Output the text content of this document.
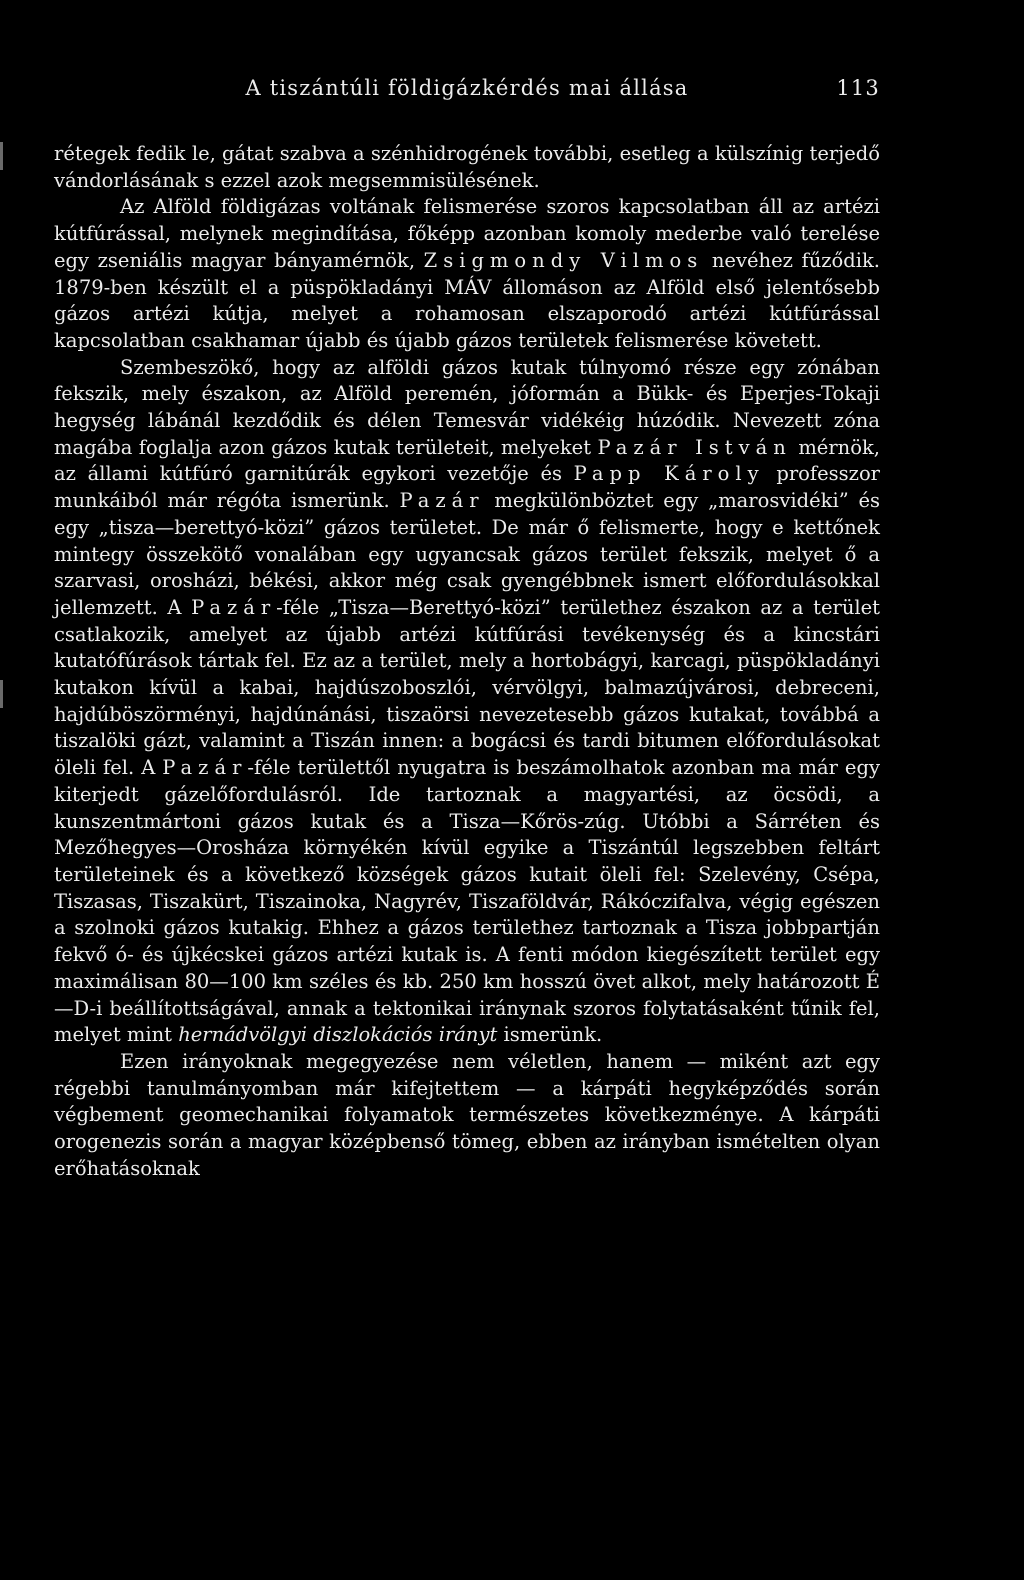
A tiszántúli földigázkérdés mai állása	113

rétegek fedik le, gátat szabva a szénhidrogének további, esetleg a külszínig terjedő vándorlásának s ezzel azok megsemmisülésének.

Az Alföld földigázas voltának felismerése szoros kapcsolatban áll az artézi kútfúrással, melynek megindítása, főképp azonban komoly mederbe való terelése egy zseniális magyar bányamérnök, Zsigmondy Vilmos nevéhez fűződik. 1879-ben készült el a püspökladányi MÁV állomáson az Alföld első jelentősebb gázos artézi kútja, melyet a rohamosan elszaporodó artézi kútfúrással kapcsolatban csakhamar újabb és újabb gázos területek felismerése követett.

Szembeszökő, hogy az alföldi gázos kutak túlnyomó része egy zónában fekszik, mely északon, az Alföld peremén, jóformán a Bükk- és Eperjes-Tokaji hegység lábánál kezdődik és délen Temesvár vidékéig húzódik. Nevezett zóna magába foglalja azon gázos kutak területeit, melyeket Pazár István mérnök, az állami kútfúró garnitúrák egykori vezetője és Papp Károly professzor munkáiból már régóta ismerünk. Pazár megkülönböztet egy „marosvidéki” és egy „tisza—berettyó-közi” gázos területet. De már ő felismerte, hogy e kettőnek mintegy összekötő vonalában egy ugyancsak gázos terület fekszik, melyet ő a szarvasi, orosházi, békési, akkor még csak gyengébbnek ismert előfordulásokkal jellemzett. A Pazár-féle „Tisza—Berettyó-közi” területhez északon az a terület csatlakozik, amelyet az újabb artézi kútfúrási tevékenység és a kincstári kutatófúrások tártak fel. Ez az a terület, mely a hortobágyi, karcagi, püspökladányi kutakon kívül a kabai, hajdúszoboszlói, vérvölgyi, balmazújvárosi, debreceni, hajdúböszörményi, hajdúnánási, tiszaörsi nevezetesebb gázos kutakat, továbbá a tiszalöki gázt, valamint a Tiszán innen: a bogácsi és tardi bitumen előfordulásokat öleli fel. A Pazár-féle területtől nyugatra is beszámolhatok azonban ma már egy kiterjedt gázelőfordulásról. Ide tartoznak a magyartési, az öcsödi, a kunszentmártoni gázos kutak és a Tisza—Kőrös-zúg. Utóbbi a Sárréten és Mezőhegyes—Orosháza környékén kívül egyike a Tiszántúl legszebben feltárt területeinek és a következő községek gázos kutait öleli fel: Szelevény, Csépa, Tiszasas, Tiszakürt, Tiszainoka, Nagyrév, Tiszaföldvár, Rákóczifalva, végig egészen a szolnoki gázos kutakig. Ehhez a gázos területhez tartoznak a Tisza jobbpartján fekvő ó- és újkécskei gázos artézi kutak is. A fenti módon kiegészített terület egy maximálisan 80—100 km széles és kb. 250 km hosszú övet alkot, mely határozott É—D-i beállítottságával, annak a tektonikai iránynak szoros folytatásaként tűnik fel, melyet mint hernádvölgyi diszlokációs irányt ismerünk.

Ezen irányoknak megegyezése nem véletlen, hanem — miként azt egy régebbi tanulmányomban már kifejtettem — a kárpáti hegyképződés során végbement geomechanikai folyamatok természetes következménye. A kárpáti orogenezis során a magyar középbenső tömeg, ebben az irányban ismételten olyan erőhatásoknak
